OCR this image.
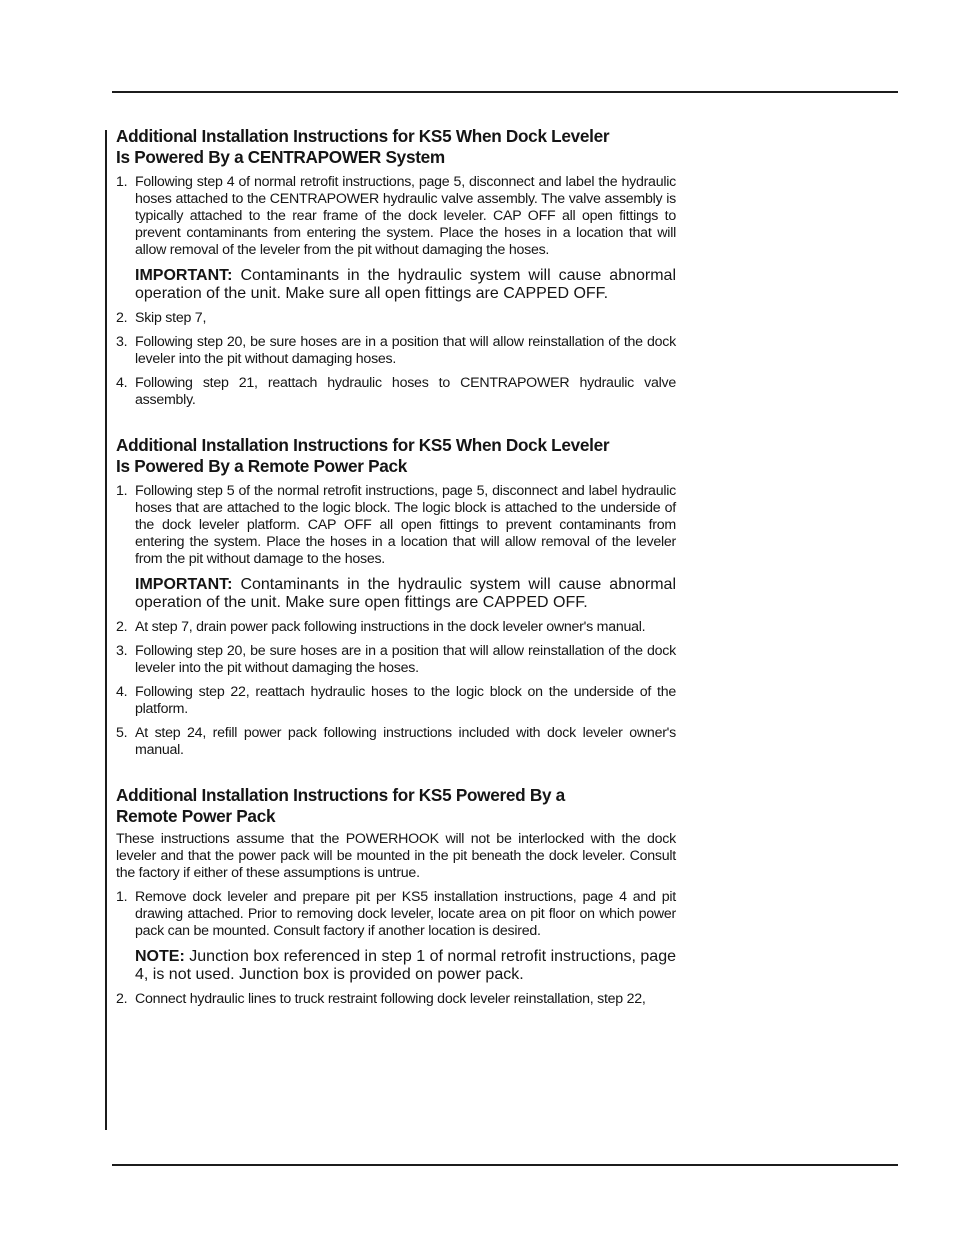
Additional Installation Instructions for KS5 When Dock Leveler
Is Powered By a CENTRAPOWER System
1. Following step 4 of normal retrofit instructions, page 5, disconnect and label the hydraulic hoses attached to the CENTRAPOWER hydraulic valve assembly. The valve assembly is typically attached to the rear frame of the dock leveler. CAP OFF all open fittings to prevent contaminants from entering the system. Place the hoses in a location that will allow removal of the leveler from the pit without damaging the hoses.
IMPORTANT: Contaminants in the hydraulic system will cause abnormal operation of the unit. Make sure all open fittings are CAPPED OFF.
2. Skip step 7,
3. Following step 20, be sure hoses are in a position that will allow reinstallation of the dock leveler into the pit without damaging hoses.
4. Following step 21, reattach hydraulic hoses to CENTRAPOWER hydraulic valve assembly.
Additional Installation Instructions for KS5 When Dock Leveler
Is Powered By a Remote Power Pack
1. Following step 5 of the normal retrofit instructions, page 5, disconnect and label hydraulic hoses that are attached to the logic block. The logic block is attached to the underside of the dock leveler platform. CAP OFF all open fittings to prevent contaminants from entering the system. Place the hoses in a location that will allow removal of the leveler from the pit without damage to the hoses.
IMPORTANT: Contaminants in the hydraulic system will cause abnormal operation of the unit. Make sure open fittings are CAPPED OFF.
2. At step 7, drain power pack following instructions in the dock leveler owner's manual.
3. Following step 20, be sure hoses are in a position that will allow reinstallation of the dock leveler into the pit without damaging the hoses.
4. Following step 22, reattach hydraulic hoses to the logic block on the underside of the platform.
5. At step 24, refill power pack following instructions included with dock leveler owner's manual.
Additional Installation Instructions for KS5 Powered By a
Remote Power Pack

These instructions assume that the POWERHOOK will not be interlocked with the dock leveler and that the power pack will be mounted in the pit beneath the dock leveler. Consult the factory if either of these assumptions is untrue.

1. Remove dock leveler and prepare pit per KS5 installation instructions, page 4 and pit drawing attached. Prior to removing dock leveler, locate area on pit floor on which power pack can be mounted. Consult factory if another location is desired.
NOTE: Junction box referenced in step 1 of normal retrofit instructions, page 4, is not used. Junction box is provided on power pack.
2. Connect hydraulic lines to truck restraint following dock leveler reinstallation, step 22,
